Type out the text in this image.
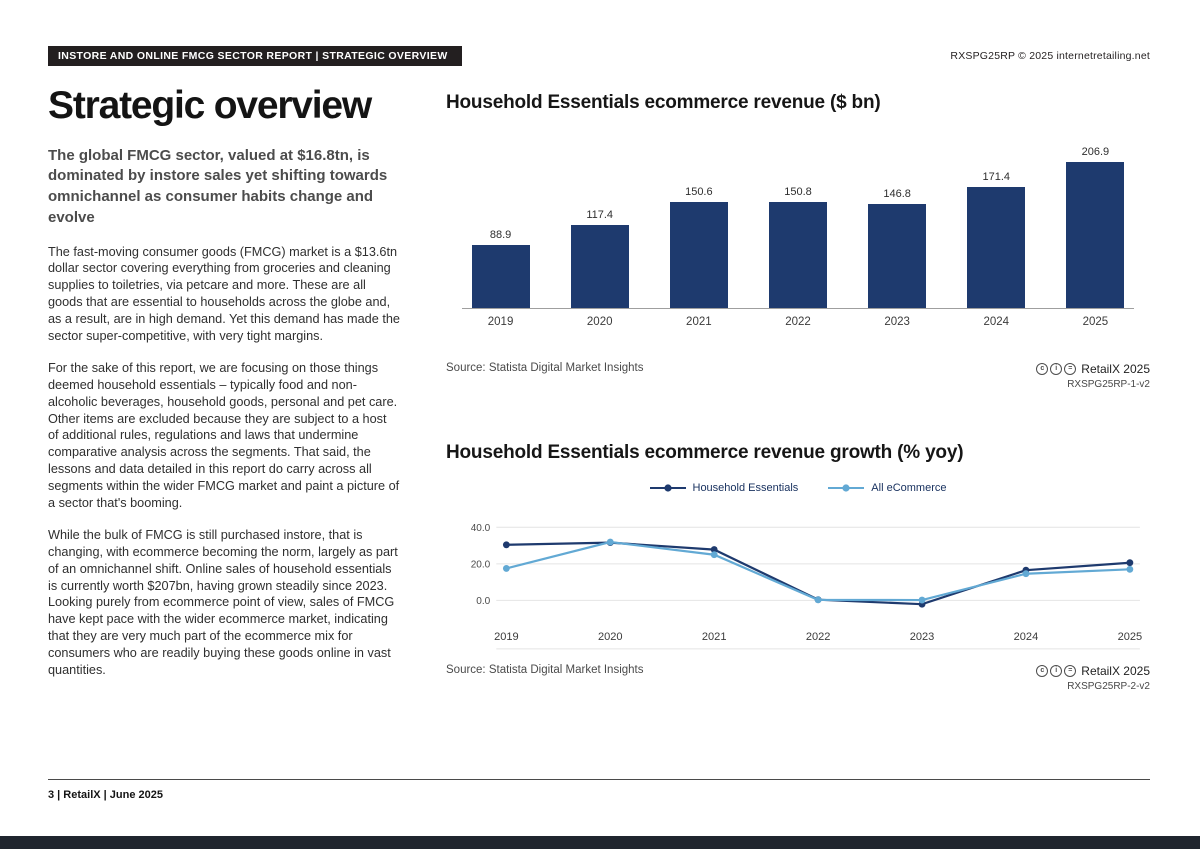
INSTORE AND ONLINE FMCG SECTOR REPORT | STRATEGIC OVERVIEW	RXSPG25RP © 2025 internetretailing.net
Strategic overview

The global FMCG sector, valued at $16.8tn, is dominated by instore sales yet shifting towards omnichannel as consumer habits change and evolve

The fast-moving consumer goods (FMCG) market is a $13.6tn dollar sector covering everything from groceries and cleaning supplies to toiletries, via petcare and more. These are all goods that are essential to households across the globe and, as a result, are in high demand. Yet this demand has made the sector super-competitive, with very tight margins.

For the sake of this report, we are focusing on those things deemed household essentials – typically food and non-alcoholic beverages, household goods, personal and pet care. Other items are excluded because they are subject to a host of additional rules, regulations and laws that undermine comparative analysis across the segments. That said, the lessons and data detailed in this report do carry across all segments within the wider FMCG market and paint a picture of a sector that's booming.

While the bulk of FMCG is still purchased instore, that is changing, with ecommerce becoming the norm, largely as part of an omnichannel shift. Online sales of household essentials is currently worth $207bn, having grown steadily since 2023. Looking purely from ecommerce point of view, sales of FMCG have kept pace with the wider ecommerce market, indicating that they are very much part of the ecommerce mix for consumers who are readily buying these goods online in vast quantities.

Household Essentials ecommerce revenue ($ bn)
88.9
117.4
150.6	150.8	146.8
171.4
206.9
2019	2020	2021	2022	2023	2024	2025
Source: Statista Digital Market Insights	c	i	= RetailX 2025
RXSPG25RP-1-v2
Household Essentials ecommerce revenue growth (% yoy)
Household Essentials	All eCommerce
40.0
20.0
0.0
2019	2020	2021	2022	2023	2024	2025
Source: Statista Digital Market Insights	c	i	= RetailX 2025
RXSPG25RP-2-v2
3 | RetailX | June 2025
